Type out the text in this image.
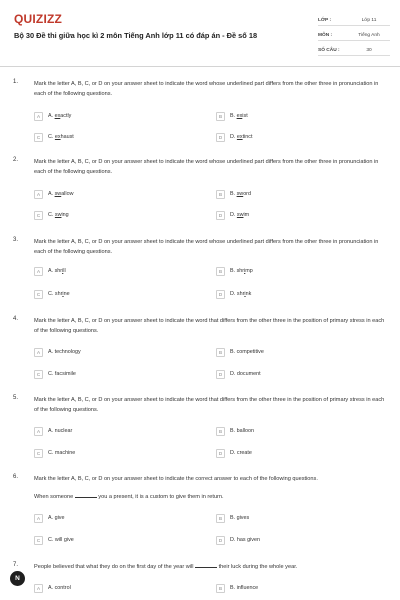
QUIZIZZ
Bộ 30 Đề thi giữa học kì 2 môn Tiếng Anh lớp 11 có đáp án - Đề số 18
LỚP :	Lớp 11
MÔN :	Tiếng Anh
SỐ CÂU :	30
1.	Mark the letter A, B, C, or D on your answer sheet to indicate the word whose underlined part differs from the other three in pronunciation in each of the following questions.
A	A. exactly	B	B. exist
C	C. exhaust	D	D. extinct
2.	Mark the letter A, B, C, or D on your answer sheet to indicate the word whose underlined part differs from the other three in pronunciation in each of the following questions.
A	A. swallow	B	B. sword
C	C. swing	D	D. swim
3.	Mark the letter A, B, C, or D on your answer sheet to indicate the word whose underlined part differs from the other three in pronunciation in each of the following questions.
A	A. shrill	B	B. shrimp
C	C. shrine	D	D. shrink
4.	Mark the letter A, B, C, or D on your answer sheet to indicate the word that differs from the other three in the position of primary stress in each of the following questions.
A	A. technology	B	B. competitive
C	C. facsimile	D	D. document
5.	Mark the letter A, B, C, or D on your answer sheet to indicate the word that differs from the other three in the position of primary stress in each of the following questions.
A	A. nuclear	B	B. balloon
C	C. machine	D	D. create
6.	Mark the letter A, B, C, or D on your answer sheet to indicate the correct answer to each of the following questions.
When someone	you a present, it is a custom to give them in return.
A	A. give	B	B. gives
C	C. will give	D	D. has given
7.	People believed that what they do on the first day of the year will	their luck during the whole year.
A	A. control	B	B. influence
N
